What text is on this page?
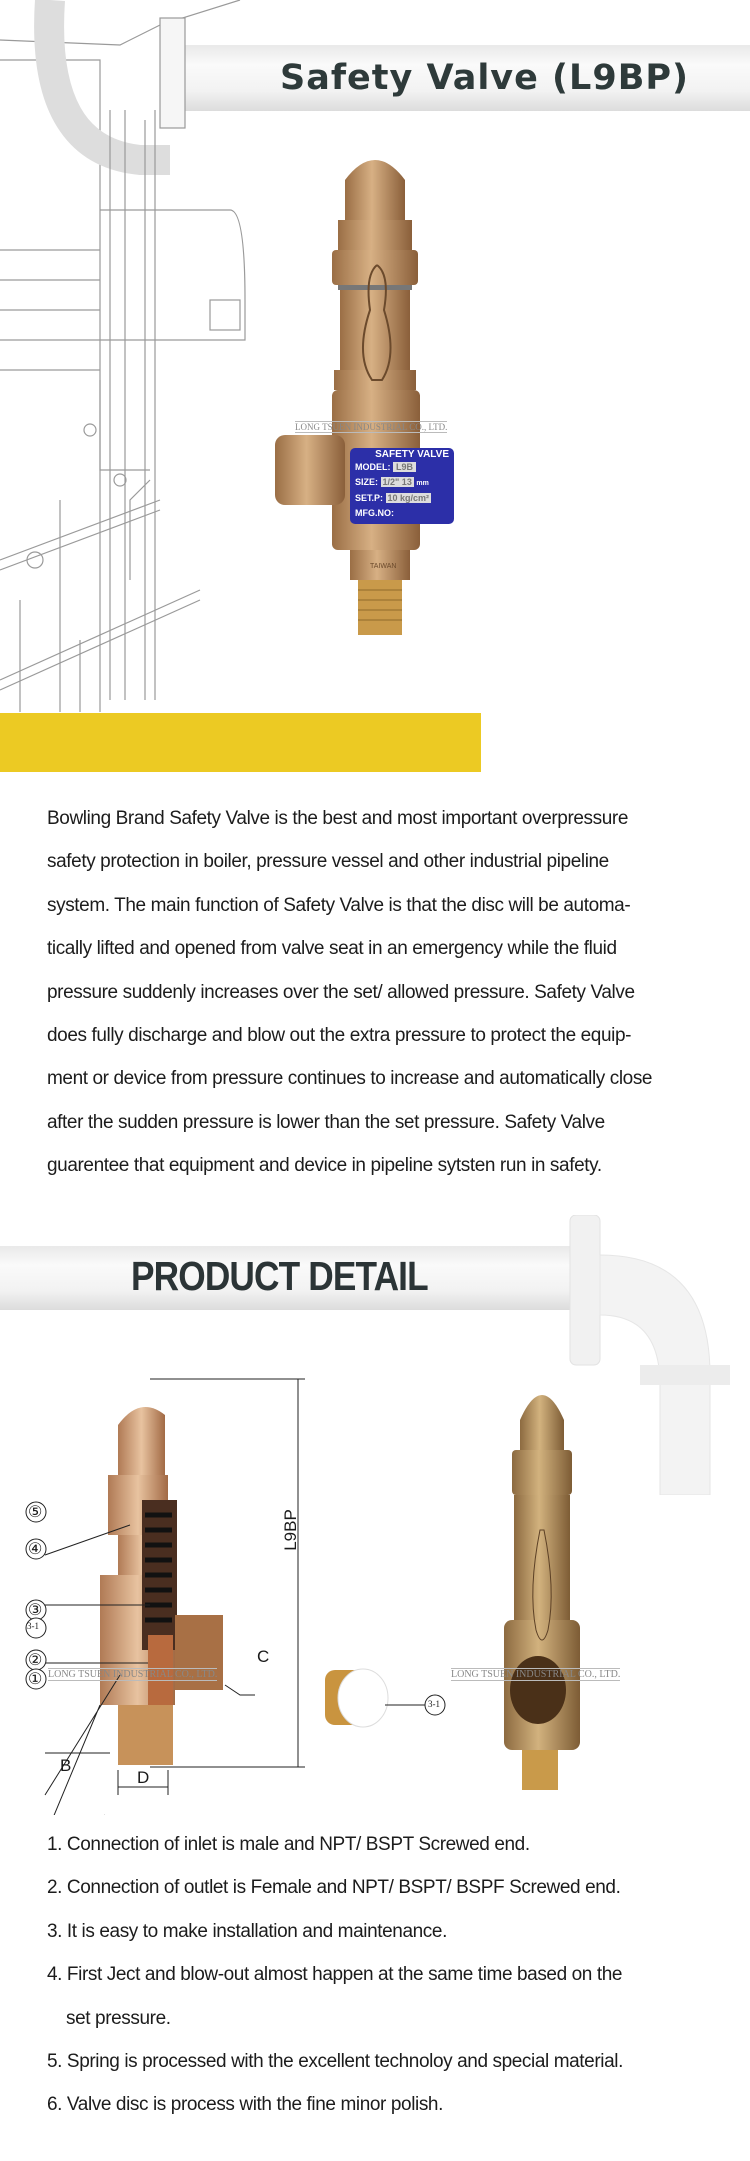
Safety Valve (L9BP)
TAIWAN
SAFETY VALVE
MODEL: L9B
SIZE: 1/2" 13 mm
SET.P: 10 kg/cm²
MFG.NO:
LONG TSUEN INDUSTRIAL CO., LTD.
Bowling Brand Safety Valve is the best and most important overpressure
safety protection in boiler, pressure vessel and other industrial pipeline
system. The main function of Safety Valve is that the disc will be automa-
tically lifted and opened from valve seat in an emergency while the fluid
pressure suddenly increases over the set/ allowed pressure. Safety Valve
does fully discharge and blow out the extra pressure to protect the equip-
ment or device from pressure continues to increase and automatically close
after the sudden pressure is lower than the set pressure. Safety Valve
guarentee that equipment and device in pipeline sytsten run in safety.
PRODUCT DETAIL
⑤
④
③
3-1
②
①
B
C
D
L9BP
LONG TSUEN INDUSTRIAL CO., LTD.
3-1
LONG TSUEN INDUSTRIAL CO., LTD.
1. Connection of inlet is male and NPT/ BSPT Screwed end.
2. Connection of outlet is Female and NPT/ BSPT/ BSPF Screwed end.
3. It is easy to make installation and maintenance.
4. First Ject and blow-out almost happen at the same time based on the
set pressure.
5. Spring is processed with the excellent technoloy and special material.
6. Valve disc is process with the fine minor polish.
